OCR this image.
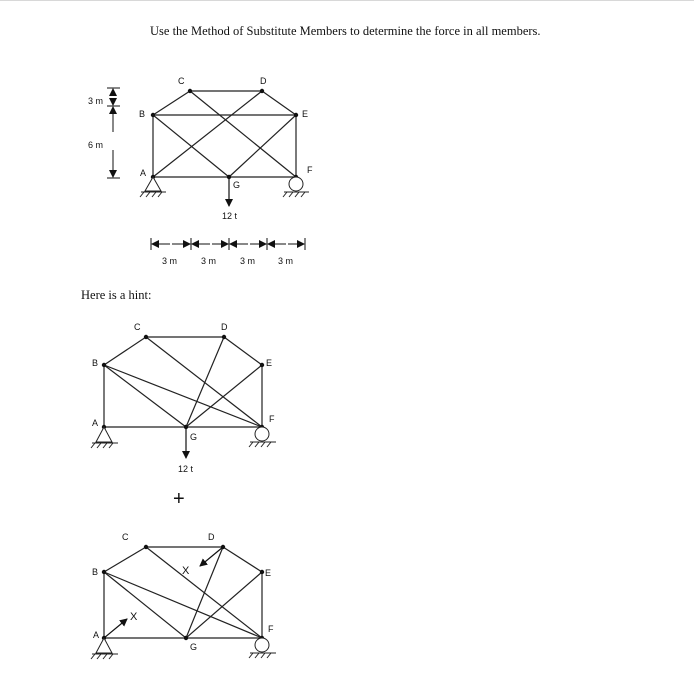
Use the Method of Substitute Members to determine the force in all members.
Here is a hint:
A
B
C	D
E
F
G
12 t
3 m
6 m
3 m	3 m	3 m	3 m
A
B
C	D
E
F
G
12 t
+
X
X
A
B
C	D
E
F
G
